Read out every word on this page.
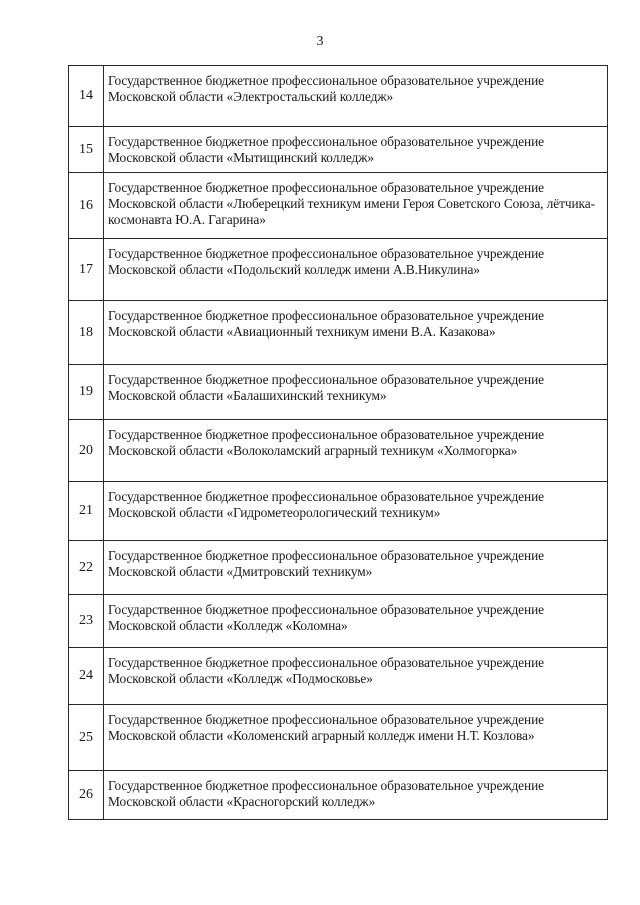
3
14	Государственное бюджетное профессиональное образовательное учреждение Московской области «Электростальский колледж»
15	Государственное бюджетное профессиональное образовательное учреждение Московской области «Мытищинский колледж»
16	Государственное бюджетное профессиональное образовательное учреждение Московской области «Люберецкий техникум имени Героя Советского Союза, лётчика-космонавта Ю.А. Гагарина»
17	Государственное бюджетное профессиональное образовательное учреждение Московской области «Подольский колледж имени А.В.Никулина»
18	Государственное бюджетное профессиональное образовательное учреждение Московской области «Авиационный техникум имени В.А. Казакова»
19	Государственное бюджетное профессиональное образовательное учреждение Московской области «Балашихинский техникум»
20	Государственное бюджетное профессиональное образовательное учреждение Московской области «Волоколамский аграрный техникум «Холмогорка»
21	Государственное бюджетное профессиональное образовательное учреждение Московской области «Гидрометеорологический техникум»
22	Государственное бюджетное профессиональное образовательное учреждение Московской области «Дмитровский техникум»
23	Государственное бюджетное профессиональное образовательное учреждение Московской области «Колледж «Коломна»
24	Государственное бюджетное профессиональное образовательное учреждение Московской области «Колледж «Подмосковье»
25	Государственное бюджетное профессиональное образовательное учреждение Московской области «Коломенский аграрный колледж имени Н.Т. Козлова»
26	Государственное бюджетное профессиональное образовательное учреждение Московской области «Красногорский колледж»
